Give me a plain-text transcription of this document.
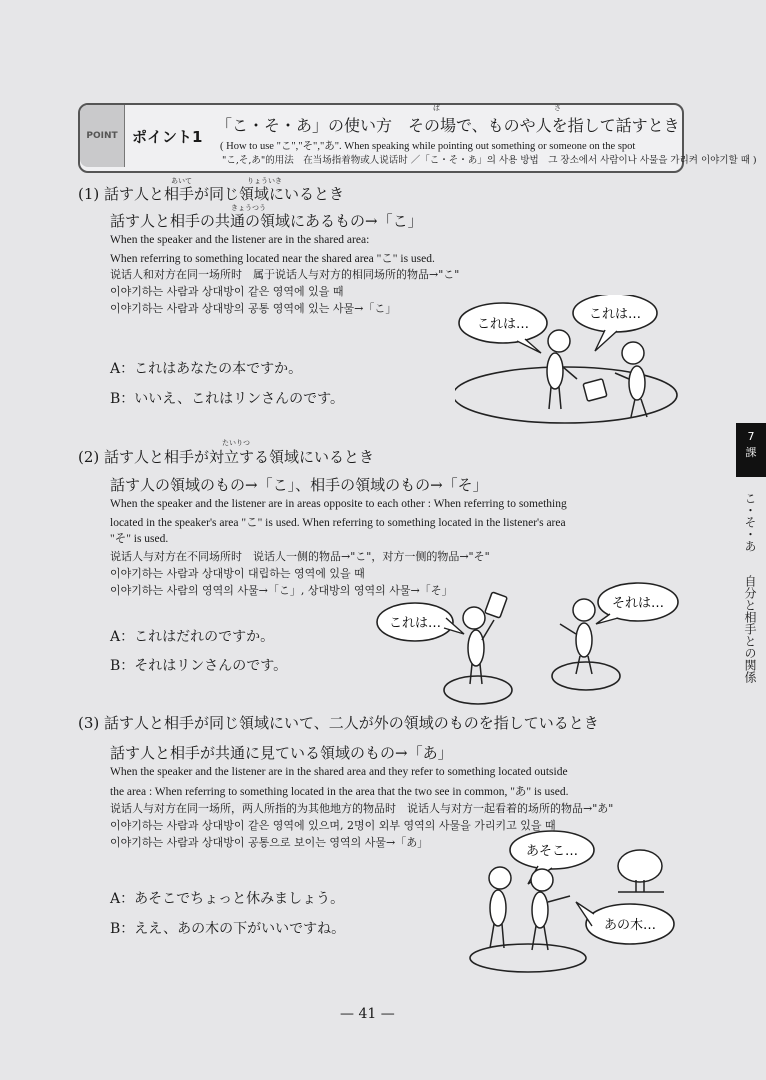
POINT ポイント1
ば	さ
「こ・そ・あ」の使い方　その場で、ものや人を指して話すとき
( How to use "こ","そ","あ". When speaking while pointing out something or someone on the spot
"こ,そ,あ"的用法　在当场指着物或人说话时 ／「こ・そ・あ」의 사용 방법　그 장소에서 사람이나 사물을 가리켜 이야기할 때 )
あいて	りょういき
(1) 話す人と相手が同じ領域にいるとき
きょうつう
話す人と相手の共通の領域にあるもの→「こ」
When the speaker and the listener are in the shared area:
When referring to something located near the shared area "こ" is used.
说话人和对方在同一场所时　属于说话人与对方的相同场所的物品→"こ"
이야기하는 사람과 상대방이 같은 영역에 있을 때
이야기하는 사람과 상대방의 공통 영역에 있는 사물→「こ」
A：これはあなたの本ですか。
B：いいえ、これはリンさんのです。
これは…
これは…
たいりつ
(2) 話す人と相手が対立する領域にいるとき
話す人の領域のもの→「こ」、相手の領域のもの→「そ」
When the speaker and the listener are in areas opposite to each other : When referring to something
located in the speaker's area "こ" is used. When referring to something located in the listener's area
"そ" is used.
说话人与对方在不同场所时　说话人一侧的物品→"こ"，对方一侧的物品→"そ"
이야기하는 사람과 상대방이 대립하는 영역에 있을 때
이야기하는 사람의 영역의 사물→「こ」, 상대방의 영역의 사물→「そ」
A：これはだれのですか。
B：それはリンさんのです。
これは…
それは…
(3) 話す人と相手が同じ領域にいて、二人が外の領域のものを指しているとき
話す人と相手が共通に見ている領域のもの→「あ」
When the speaker and the listener are in the shared area and they refer to something located outside
the area : When referring to something located in the area that the two see in common, "あ" is used.
说话人与对方在同一场所，两人所指的为其他地方的物品时　说话人与对方一起看着的场所的物品→"あ"
이야기하는 사람과 상대방이 같은 영역에 있으며, 2명이 외부 영역의 사물을 가리키고 있을 때
이야기하는 사람과 상대방이 공통으로 보이는 영역의 사물→「あ」
A：あそこでちょっと休みましょう。
B：ええ、あの木の下がいいですね。
あそこ…
あの木…
7
課
こ・そ・あ
自分と相手との関係
— 41 —
